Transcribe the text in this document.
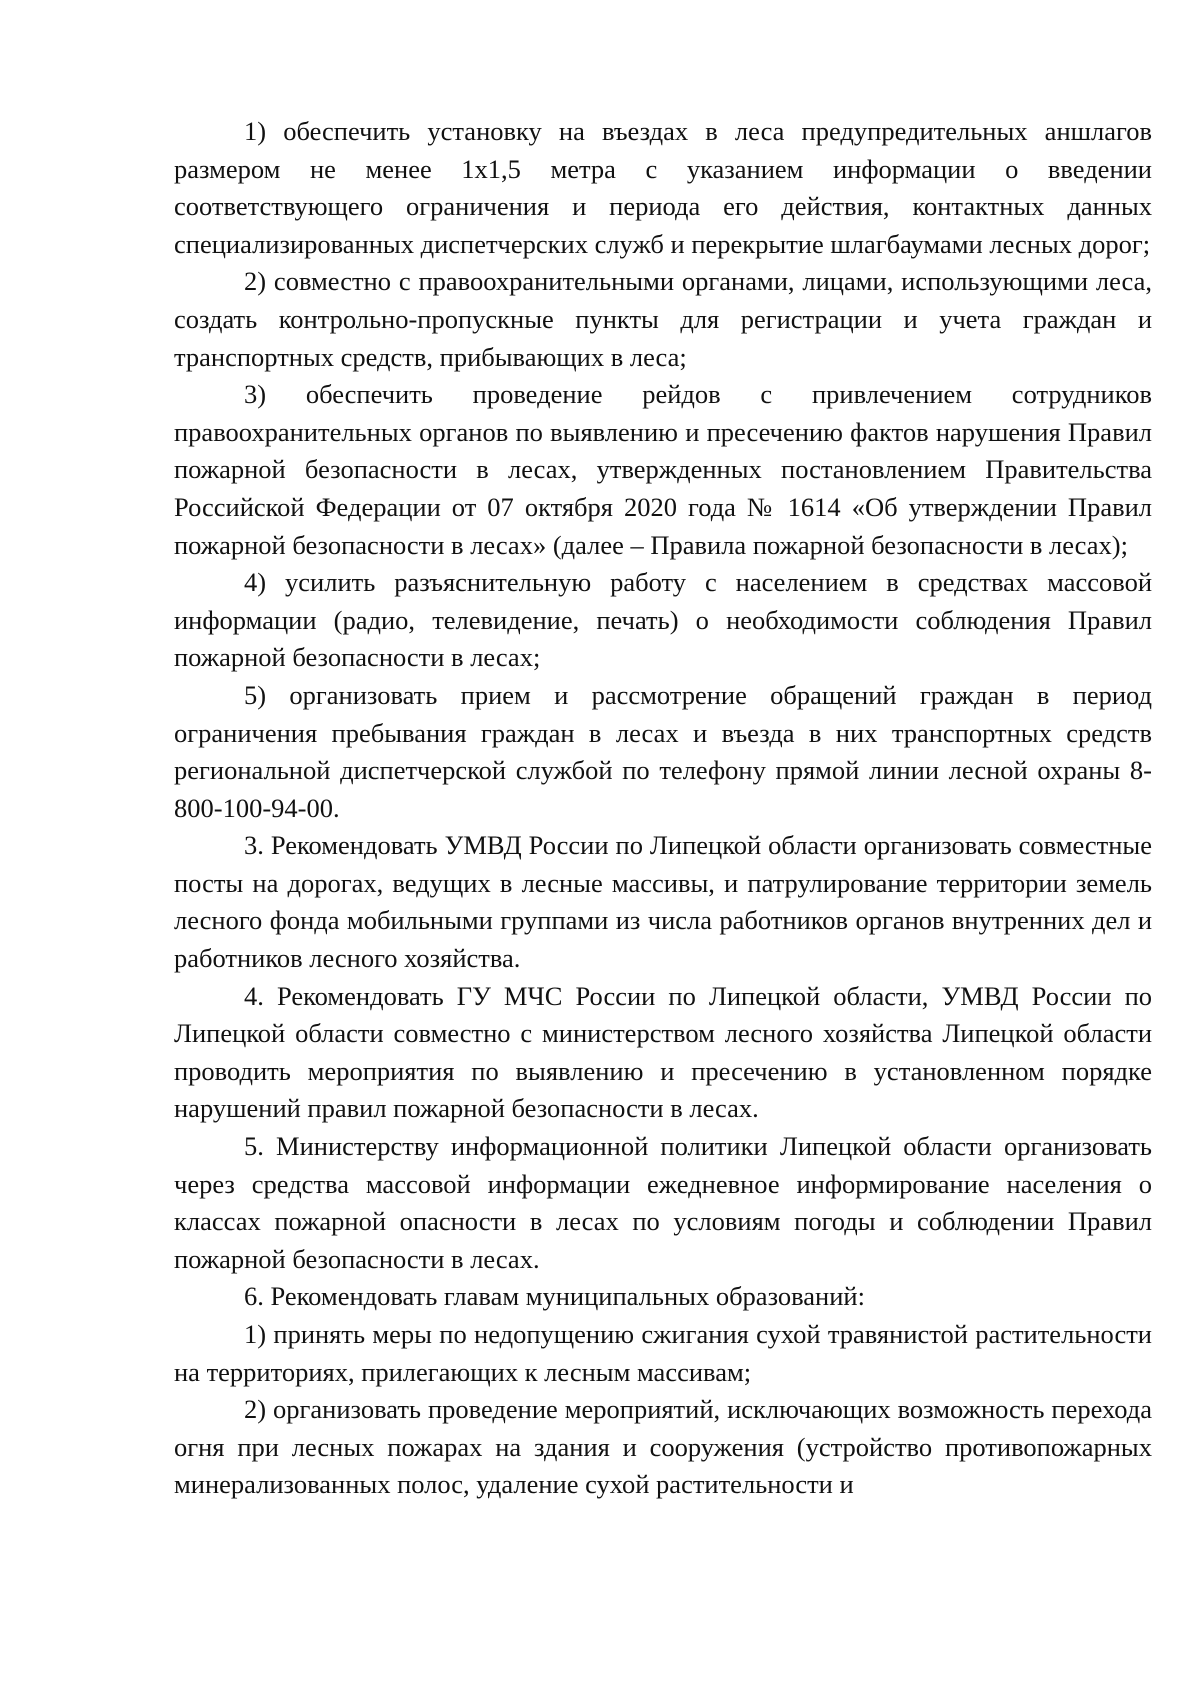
1) обеспечить установку на въездах в леса предупредительных аншлагов размером не менее 1х1,5 метра с указанием информации о введении соответствующего ограничения и периода его действия, контактных данных специализированных диспетчерских служб и перекрытие шлагбаумами лесных дорог;

2) совместно с правоохранительными органами, лицами, использующими леса, создать контрольно-пропускные пункты для регистрации и учета граждан и транспортных средств, прибывающих в леса;

3) обеспечить проведение рейдов с привлечением сотрудников правоохранительных органов по выявлению и пресечению фактов нарушения Правил пожарной безопасности в лесах, утвержденных постановлением Правительства Российской Федерации от 07 октября 2020 года № 1614 «Об утверждении Правил пожарной безопасности в лесах» (далее – Правила пожарной безопасности в лесах);

4) усилить разъяснительную работу с населением в средствах массовой информации (радио, телевидение, печать) о необходимости соблюдения Правил пожарной безопасности в лесах;

5) организовать прием и рассмотрение обращений граждан в период ограничения пребывания граждан в лесах и въезда в них транспортных средств региональной диспетчерской службой по телефону прямой линии лесной охраны 8-800-100-94-00.

3. Рекомендовать УМВД России по Липецкой области организовать совместные посты на дорогах, ведущих в лесные массивы, и патрулирование территории земель лесного фонда мобильными группами из числа работников органов внутренних дел и работников лесного хозяйства.

4. Рекомендовать ГУ МЧС России по Липецкой области, УМВД России по Липецкой области совместно с министерством лесного хозяйства Липецкой области проводить мероприятия по выявлению и пресечению в установленном порядке нарушений правил пожарной безопасности в лесах.

5. Министерству информационной политики Липецкой области организовать через средства массовой информации ежедневное информирование населения о классах пожарной опасности в лесах по условиям погоды и соблюдении Правил пожарной безопасности в лесах.

6. Рекомендовать главам муниципальных образований:

1) принять меры по недопущению сжигания сухой травянистой растительности на территориях, прилегающих к лесным массивам;

2) организовать проведение мероприятий, исключающих возможность перехода огня при лесных пожарах на здания и сооружения (устройство противопожарных минерализованных полос, удаление сухой растительности и
